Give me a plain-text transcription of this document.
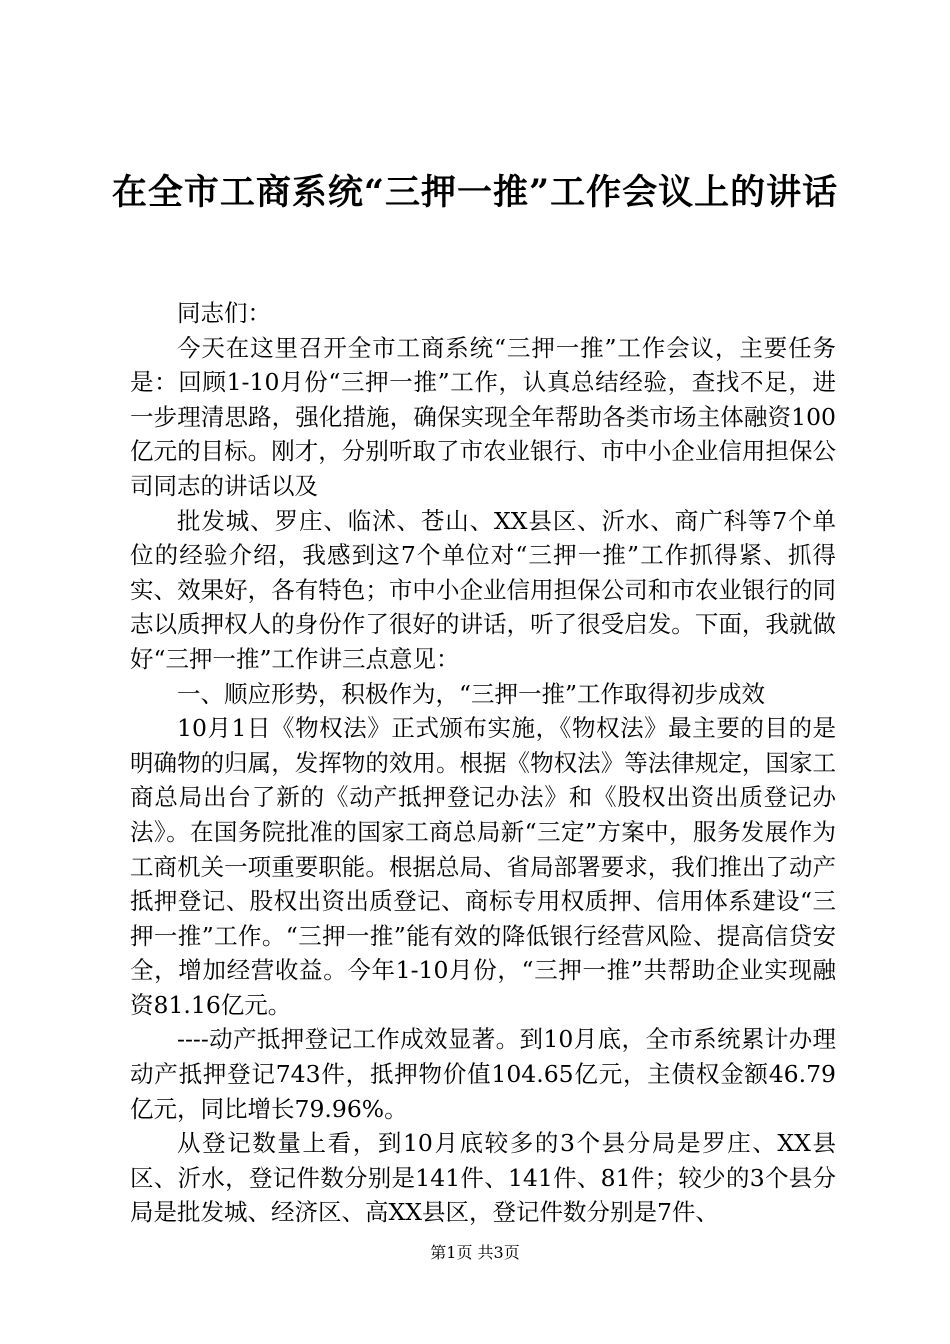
在全市工商系统“三押一推”工作会议上的讲话

同志们：

今天在这里召开全市工商系统“三押一推”工作会议，主要任务是：回顾1-10月份“三押一推”工作，认真总结经验，查找不足，进一步理清思路，强化措施，确保实现全年帮助各类市场主体融资100亿元的目标。刚才，分别听取了市农业银行、市中小企业信用担保公司同志的讲话以及

批发城、罗庄、临沭、苍山、XX县区、沂水、商广科等7个单位的经验介绍，我感到这7个单位对“三押一推”工作抓得紧、抓得实、效果好，各有特色；市中小企业信用担保公司和市农业银行的同志以质押权人的身份作了很好的讲话，听了很受启发。下面，我就做好“三押一推”工作讲三点意见：

一、顺应形势，积极作为，“三押一推”工作取得初步成效

10月1日《物权法》正式颁布实施，《物权法》最主要的目的是明确物的归属，发挥物的效用。根据《物权法》等法律规定，国家工商总局出台了新的《动产抵押登记办法》和《股权出资出质登记办法》。在国务院批准的国家工商总局新“三定”方案中，服务发展作为工商机关一项重要职能。根据总局、省局部署要求，我们推出了动产抵押登记、股权出资出质登记、商标专用权质押、信用体系建设“三押一推”工作。“三押一推”能有效的降低银行经营风险、提高信贷安全，增加经营收益。今年1-10月份，“三押一推”共帮助企业实现融资81.16亿元。

----动产抵押登记工作成效显著。到10月底，全市系统累计办理动产抵押登记743件，抵押物价值104.65亿元，主债权金额46.79亿元，同比增长79.96%。

从登记数量上看，到10月底较多的3个县分局是罗庄、XX县区、沂水，登记件数分别是141件、141件、81件；较少的3个县分局是批发城、经济区、高XX县区，登记件数分别是7件、

第1页 共3页
